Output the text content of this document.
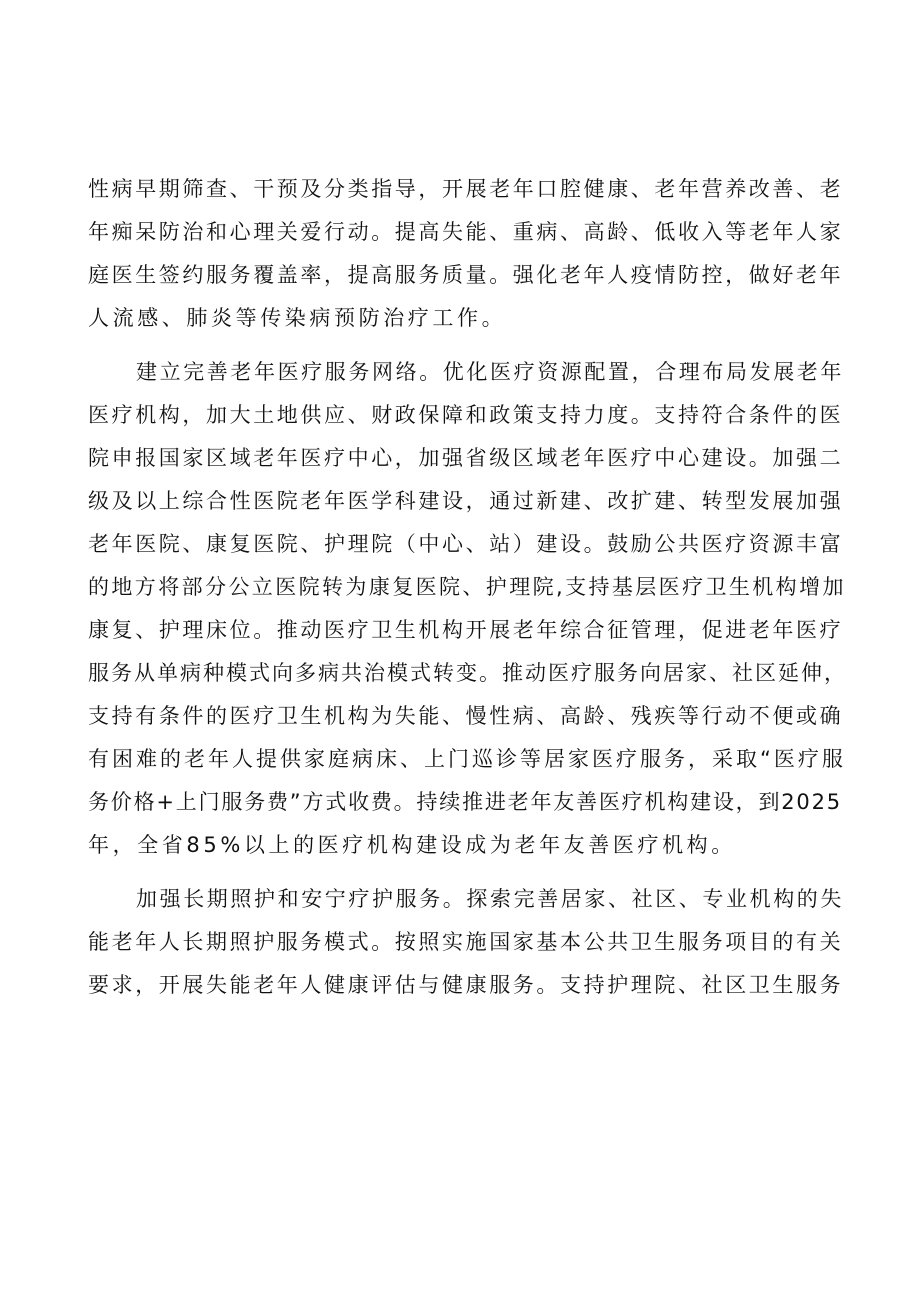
性病早期筛查、干预及分类指导，开展老年口腔健康、老年营养改善、老
年痴呆防治和心理关爱行动。提高失能、重病、高龄、低收入等老年人家
庭医生签约服务覆盖率，提高服务质量。强化老年人疫情防控，做好老年
人流感、肺炎等传染病预防治疗工作。

建立完善老年医疗服务网络。优化医疗资源配置，合理布局发展老年
医疗机构，加大土地供应、财政保障和政策支持力度。支持符合条件的医
院申报国家区域老年医疗中心，加强省级区域老年医疗中心建设。加强二
级及以上综合性医院老年医学科建设，通过新建、改扩建、转型发展加强
老年医院、康复医院、护理院（中心、站）建设。鼓励公共医疗资源丰富
的地方将部分公立医院转为康复医院、护理院,支持基层医疗卫生机构增加
康复、护理床位。推动医疗卫生机构开展老年综合征管理，促进老年医疗
服务从单病种模式向多病共治模式转变。推动医疗服务向居家、社区延伸，
支持有条件的医疗卫生机构为失能、慢性病、高龄、残疾等行动不便或确
有困难的老年人提供家庭病床、上门巡诊等居家医疗服务，采取“医疗服
务价格+上门服务费”方式收费。持续推进老年友善医疗机构建设，到2025
年，全省85%以上的医疗机构建设成为老年友善医疗机构。

加强长期照护和安宁疗护服务。探索完善居家、社区、专业机构的失
能老年人长期照护服务模式。按照实施国家基本公共卫生服务项目的有关
要求，开展失能老年人健康评估与健康服务。支持护理院、社区卫生服务
